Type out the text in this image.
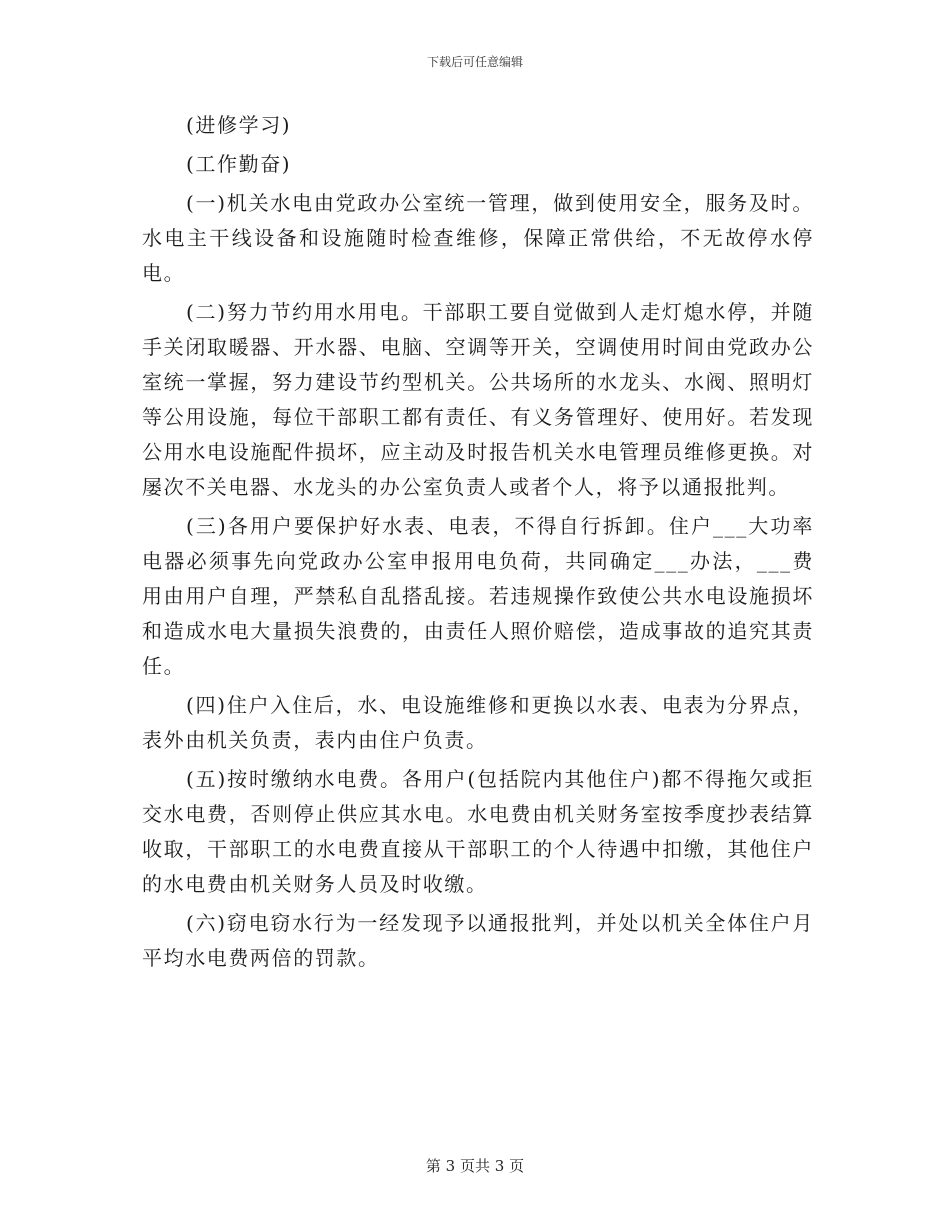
下载后可任意编辑

(进修学习)

(工作勤奋)

(一)机关水电由党政办公室统一管理，做到使用安全，服务及时。水电主干线设备和设施随时检查维修，保障正常供给，不无故停水停电。

(二)努力节约用水用电。干部职工要自觉做到人走灯熄水停，并随手关闭取暖器、开水器、电脑、空调等开关，空调使用时间由党政办公室统一掌握，努力建设节约型机关。公共场所的水龙头、水阀、照明灯等公用设施，每位干部职工都有责任、有义务管理好、使用好。若发现公用水电设施配件损坏，应主动及时报告机关水电管理员维修更换。对屡次不关电器、水龙头的办公室负责人或者个人，将予以通报批判。

(三)各用户要保护好水表、电表，不得自行拆卸。住户___大功率电器必须事先向党政办公室申报用电负荷，共同确定___办法，___费用由用户自理，严禁私自乱搭乱接。若违规操作致使公共水电设施损坏和造成水电大量损失浪费的，由责任人照价赔偿，造成事故的追究其责任。

(四)住户入住后，水、电设施维修和更换以水表、电表为分界点，表外由机关负责，表内由住户负责。

(五)按时缴纳水电费。各用户(包括院内其他住户)都不得拖欠或拒交水电费，否则停止供应其水电。水电费由机关财务室按季度抄表结算收取，干部职工的水电费直接从干部职工的个人待遇中扣缴，其他住户的水电费由机关财务人员及时收缴。

(六)窃电窃水行为一经发现予以通报批判，并处以机关全体住户月平均水电费两倍的罚款。

第 3 页共 3 页
